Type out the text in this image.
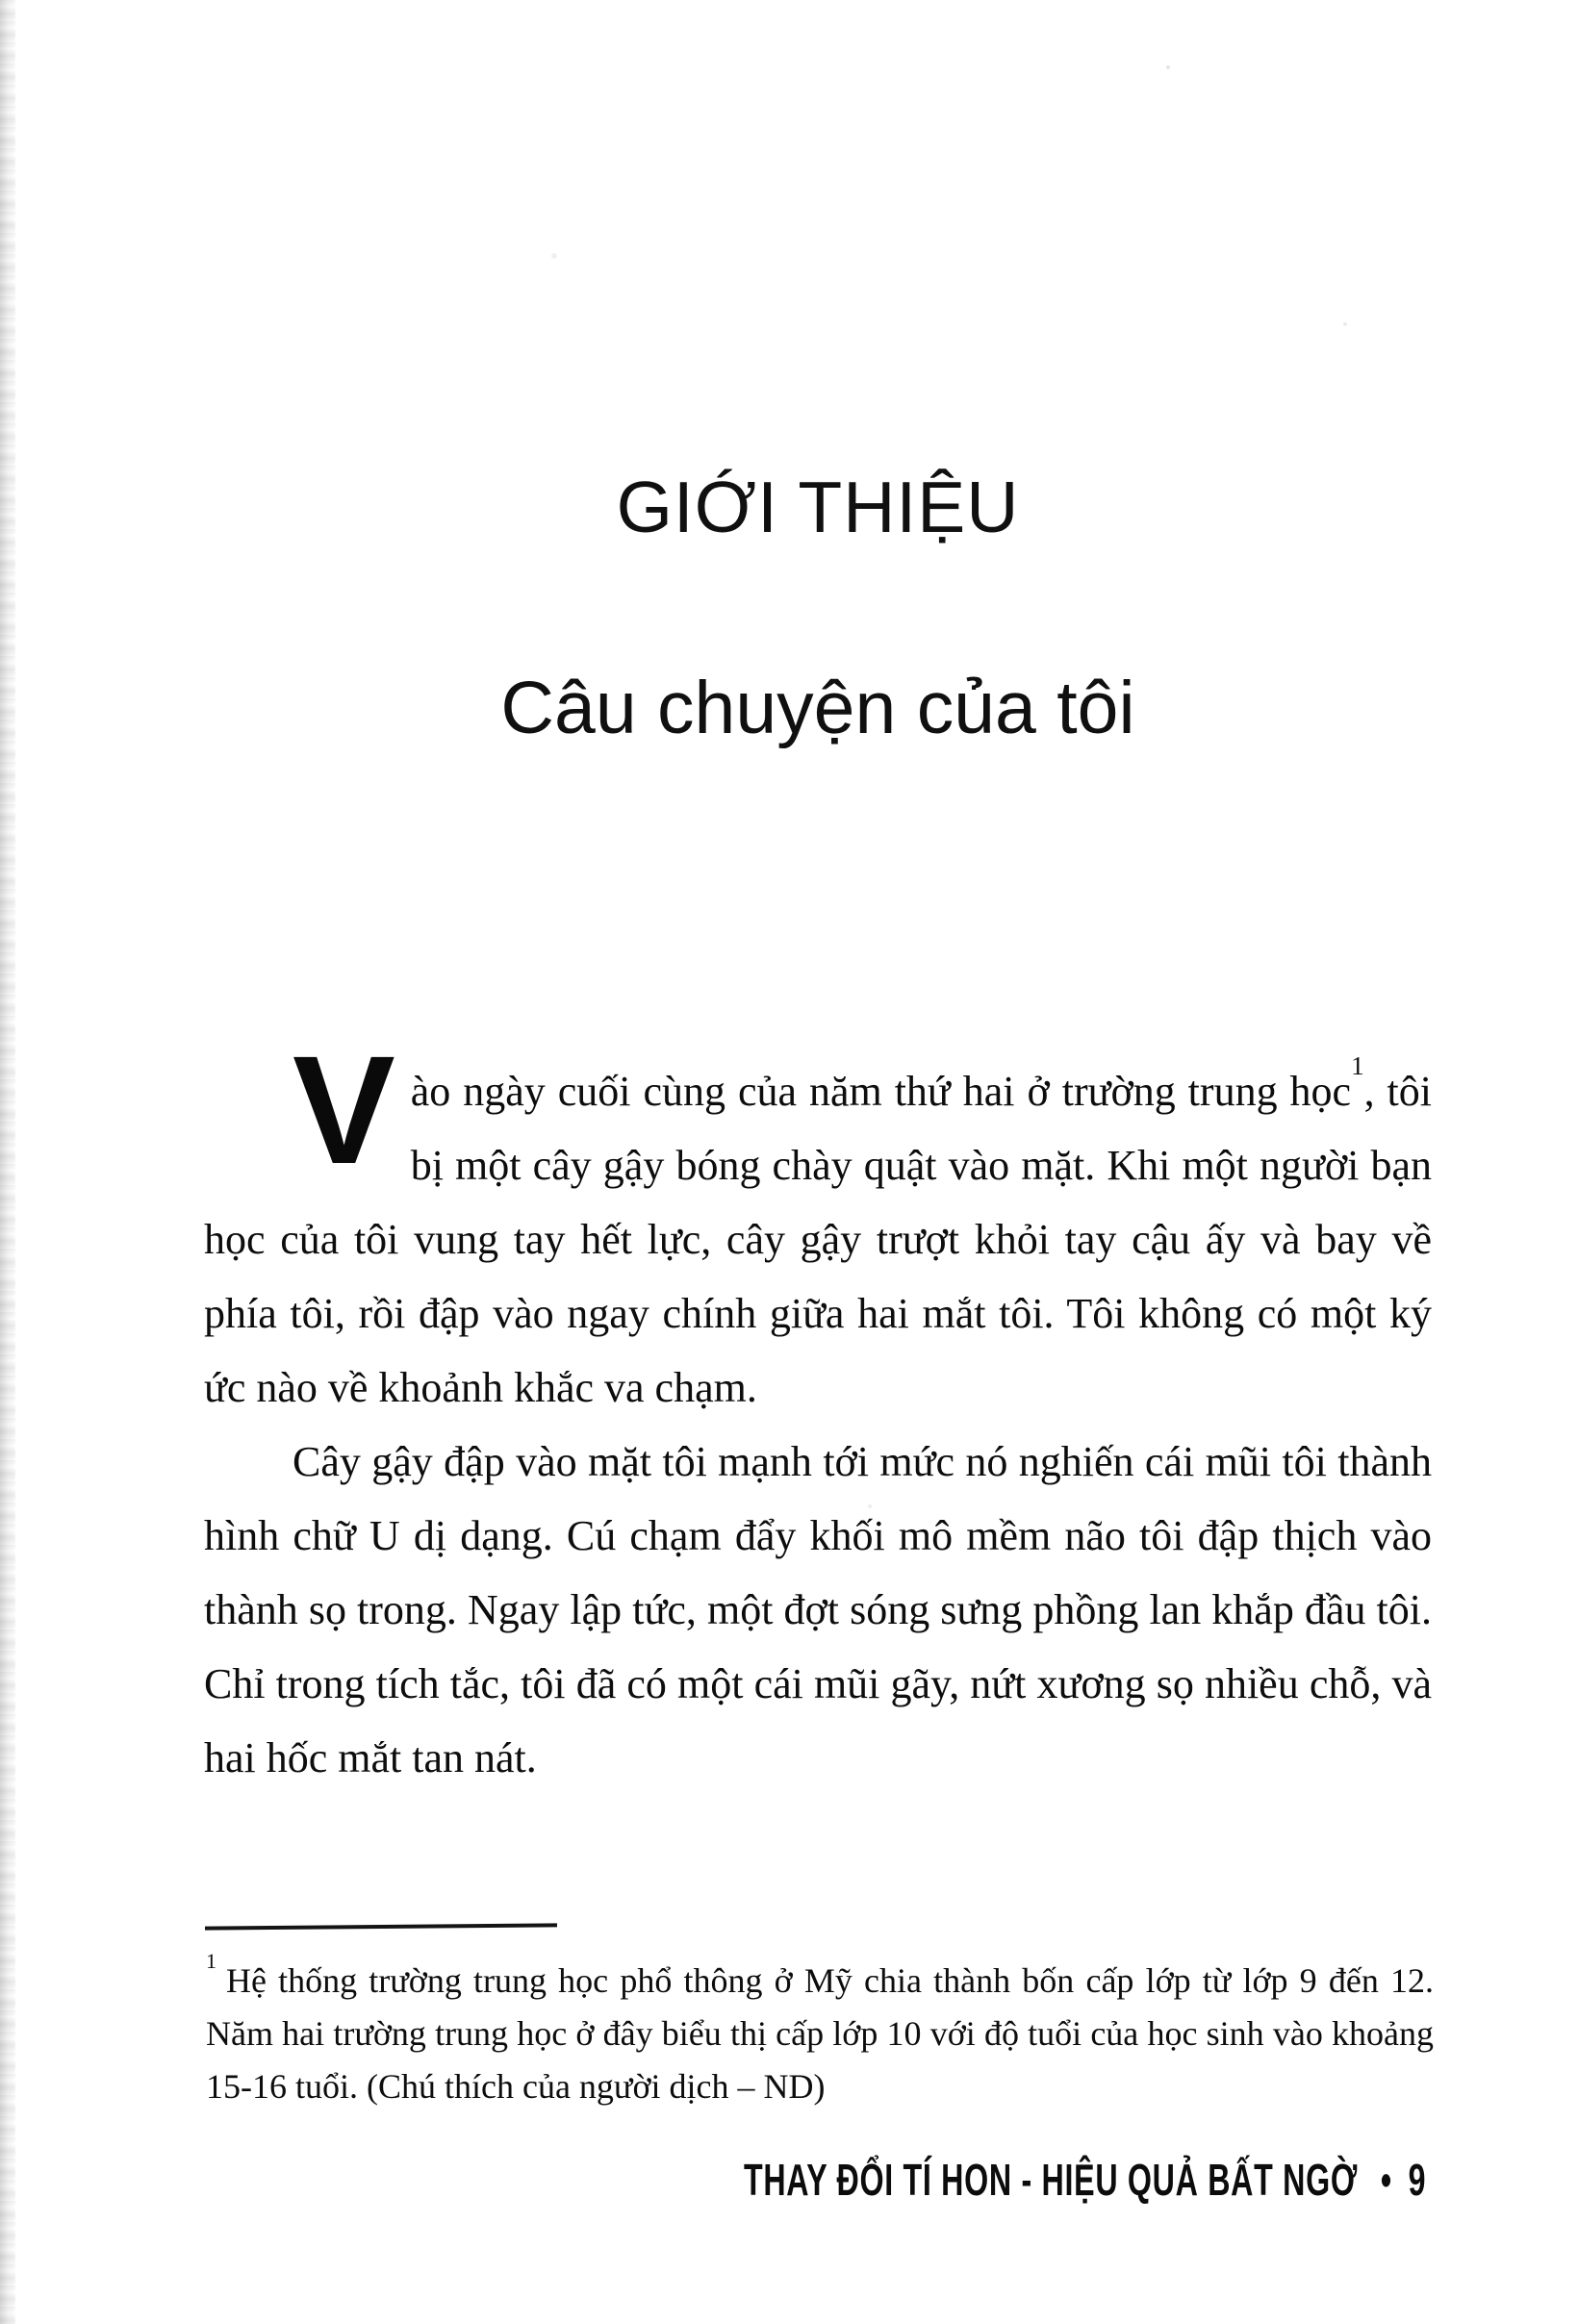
GIỚI THIỆU
Câu chuyện của tôi

Vào ngày cuối cùng của năm thứ hai ở trường trung học$^1$, tôi bị một cây gậy bóng chày quật vào mặt. Khi một người bạn học của tôi vung tay hết lực, cây gậy trượt khỏi tay cậu ấy và bay về phía tôi, rồi đập vào ngay chính giữa hai mắt tôi. Tôi không có một ký ức nào về khoảnh khắc va chạm.

Cây gậy đập vào mặt tôi mạnh tới mức nó nghiến cái mũi tôi thành hình chữ U dị dạng. Cú chạm đẩy khối mô mềm não tôi đập thịch vào thành sọ trong. Ngay lập tức, một đợt sóng sưng phồng lan khắp đầu tôi. Chỉ trong tích tắc, tôi đã có một cái mũi gãy, nứt xương sọ nhiều chỗ, và hai hốc mắt tan nát.

$^1$Hệ thống trường trung học phổ thông ở Mỹ chia thành bốn cấp lớp từ lớp 9 đến 12. Năm hai trường trung học ở đây biểu thị cấp lớp 10 với độ tuổi của học sinh vào khoảng 15-16 tuổi. (Chú thích của người dịch – ND)
THAY ĐỔI TÍ HON - HIỆU QUẢ BẤT NGỜ • 9
